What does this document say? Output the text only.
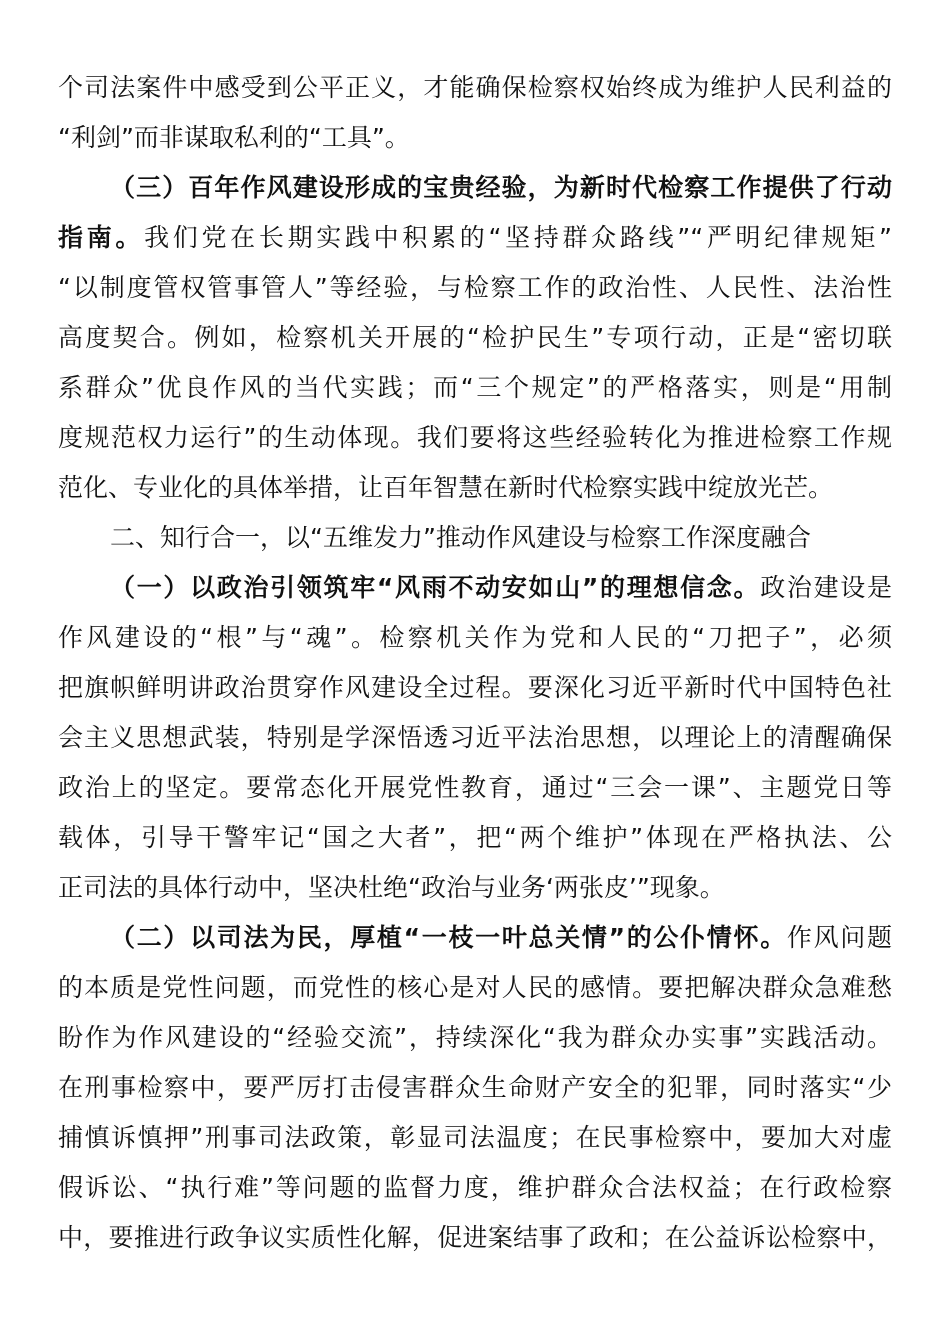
个司法案件中感受到公平正义，才能确保检察权始终成为维护人民利益的
“利剑”而非谋取私利的“工具”。
（三）百年作风建设形成的宝贵经验，为新时代检察工作提供了行动
指南。我们党在长期实践中积累的“坚持群众路线”“严明纪律规矩”
“以制度管权管事管人”等经验，与检察工作的政治性、人民性、法治性
高度契合。例如，检察机关开展的“检护民生”专项行动，正是“密切联
系群众”优良作风的当代实践；而“三个规定”的严格落实，则是“用制
度规范权力运行”的生动体现。我们要将这些经验转化为推进检察工作规
范化、专业化的具体举措，让百年智慧在新时代检察实践中绽放光芒。
二、知行合一，以“五维发力”推动作风建设与检察工作深度融合
（一）以政治引领筑牢“风雨不动安如山”的理想信念。政治建设是
作风建设的“根”与“魂”。检察机关作为党和人民的“刀把子”，必须
把旗帜鲜明讲政治贯穿作风建设全过程。要深化习近平新时代中国特色社
会主义思想武装，特别是学深悟透习近平法治思想，以理论上的清醒确保
政治上的坚定。要常态化开展党性教育，通过“三会一课”、主题党日等
载体，引导干警牢记“国之大者”，把“两个维护”体现在严格执法、公
正司法的具体行动中，坚决杜绝“政治与业务‘两张皮’”现象。
（二）以司法为民，厚植“一枝一叶总关情”的公仆情怀。作风问题
的本质是党性问题，而党性的核心是对人民的感情。要把解决群众急难愁
盼作为作风建设的“经验交流”，持续深化“我为群众办实事”实践活动。
在刑事检察中，要严厉打击侵害群众生命财产安全的犯罪，同时落实“少
捕慎诉慎押”刑事司法政策，彰显司法温度；在民事检察中，要加大对虚
假诉讼、“执行难”等问题的监督力度，维护群众合法权益；在行政检察
中，要推进行政争议实质性化解，促进案结事了政和；在公益诉讼检察中，
